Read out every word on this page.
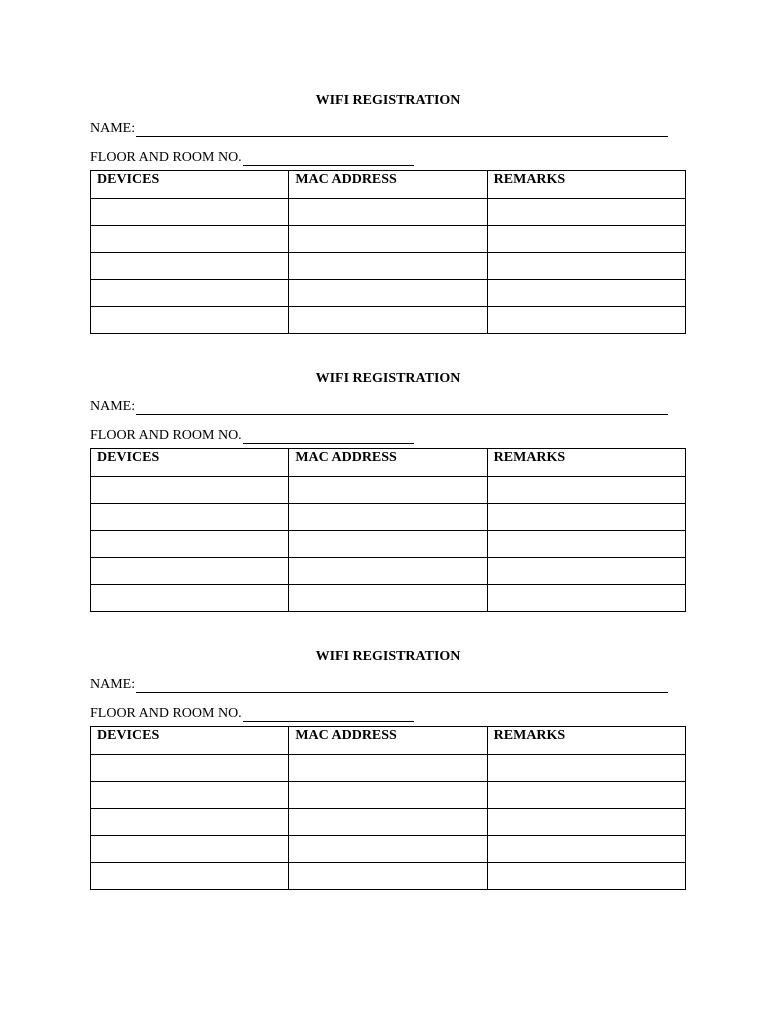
WIFI REGISTRATION
NAME:
FLOOR AND ROOM NO.
DEVICES	MAC ADDRESS	REMARKS

WIFI REGISTRATION
NAME:
FLOOR AND ROOM NO.
DEVICES	MAC ADDRESS	REMARKS

WIFI REGISTRATION
NAME:
FLOOR AND ROOM NO.
DEVICES	MAC ADDRESS	REMARKS
